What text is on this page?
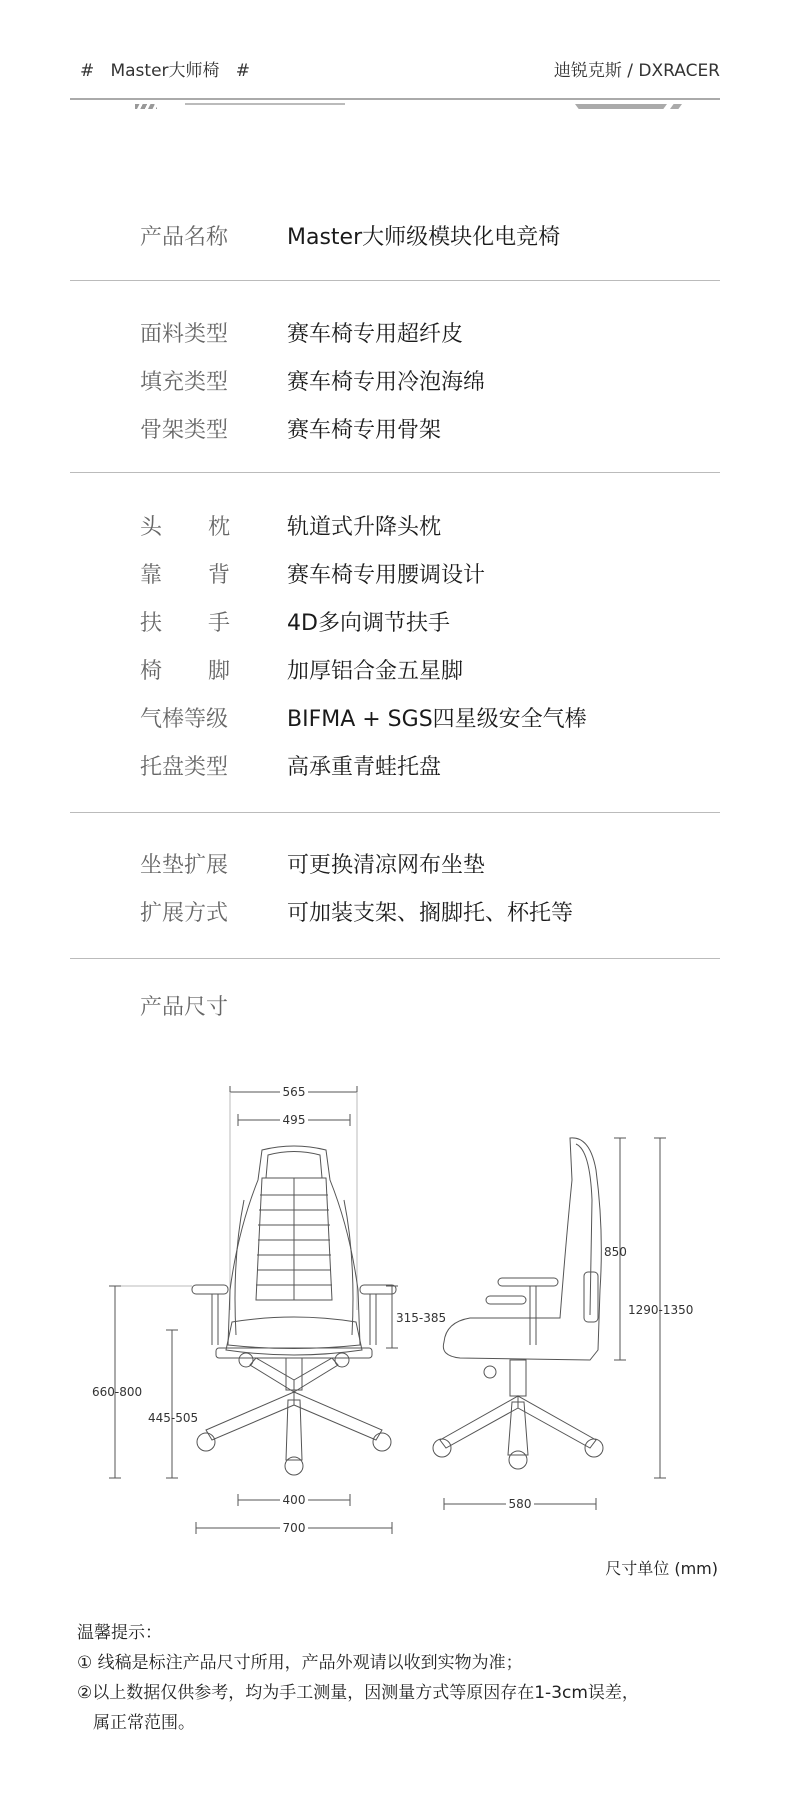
#   Master大师椅   #	迪锐克斯 / DXRACER
产品名称	Master大师级模块化电竞椅
面料类型	赛车椅专用超纤皮
填充类型	赛车椅专用冷泡海绵
骨架类型	赛车椅专用骨架
头 枕	轨道式升降头枕
靠 背	赛车椅专用腰调设计
扶 手	4D多向调节扶手
椅 脚	加厚铝合金五星脚
气棒等级	BIFMA + SGS四星级安全气棒
托盘类型	高承重青蛙托盘
坐垫扩展	可更换清凉网布坐垫
扩展方式	可加装支架、搁脚托、杯托等
产品尺寸
565
495
315-385
660-800
445-505
400
700
850
1290-1350
580
尺寸单位 (mm)
温馨提示：
① 线稿是标注产品尺寸所用，产品外观请以收到实物为准；
②以上数据仅供参考，均为手工测量，因测量方式等原因存在1-3cm误差，
属正常范围。
